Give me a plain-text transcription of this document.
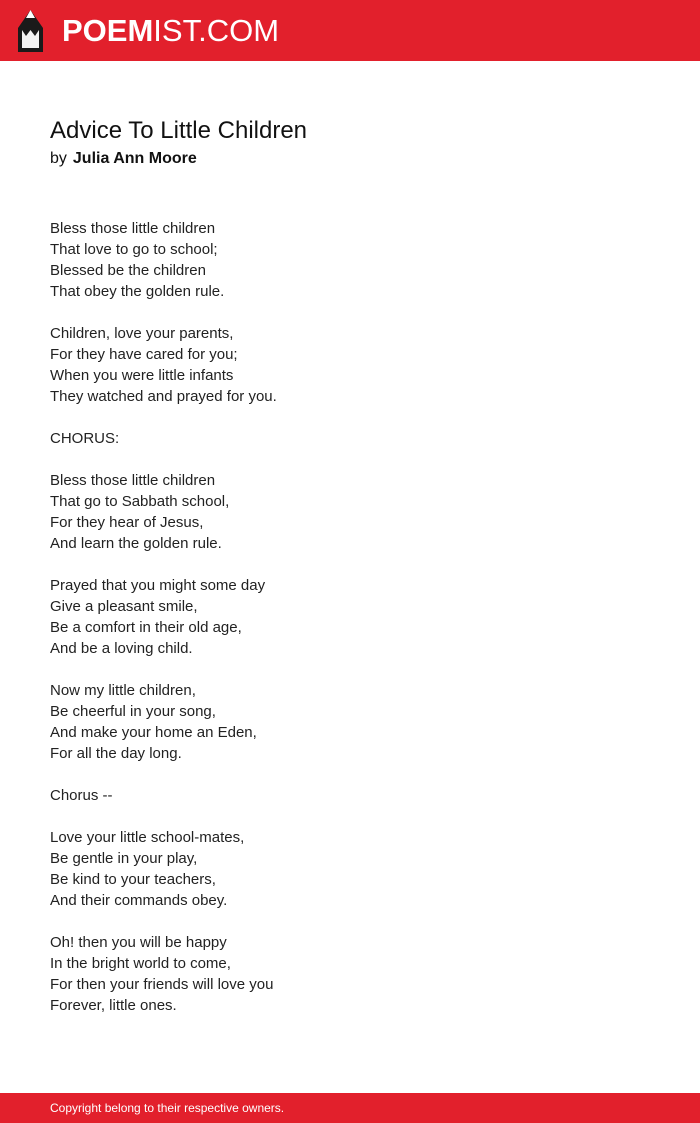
POEMIST.COM
Advice To Little Children
by Julia Ann Moore
Bless those little children
That love to go to school;
Blessed be the children
That obey the golden rule.
Children, love your parents,
For they have cared for you;
When you were little infants
They watched and prayed for you.
CHORUS:
Bless those little children
That go to Sabbath school,
For they hear of Jesus,
And learn the golden rule.
Prayed that you might some day
Give a pleasant smile,
Be a comfort in their old age,
And be a loving child.
Now my little children,
Be cheerful in your song,
And make your home an Eden,
For all the day long.
Chorus --
Love your little school-mates,
Be gentle in your play,
Be kind to your teachers,
And their commands obey.
Oh! then you will be happy
In the bright world to come,
For then your friends will love you
Forever, little ones.
Copyright belong to their respective owners.
